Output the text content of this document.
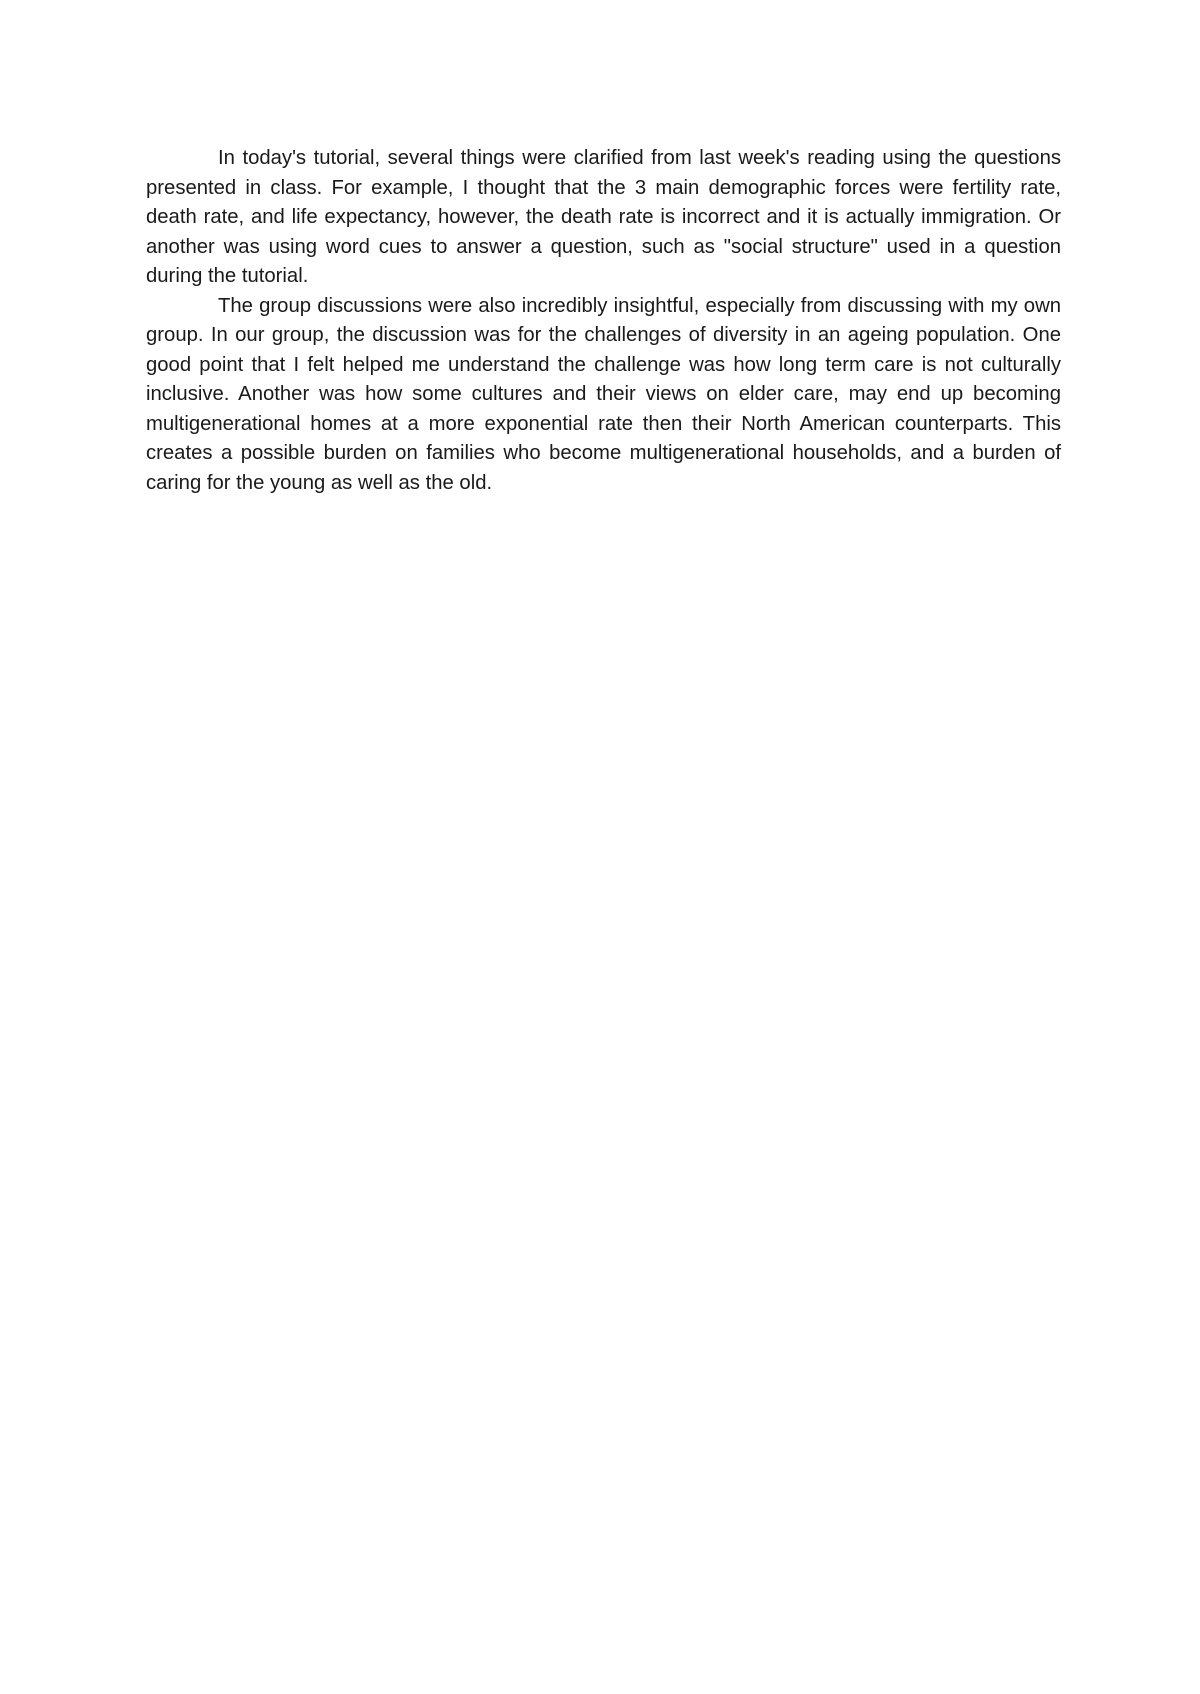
In today's tutorial, several things were clarified from last week's reading using the questions presented in class. For example, I thought that the 3 main demographic forces were fertility rate, death rate, and life expectancy, however, the death rate is incorrect and it is actually immigration. Or another was using word cues to answer a question, such as "social structure" used in a question during the tutorial.

The group discussions were also incredibly insightful, especially from discussing with my own group. In our group, the discussion was for the challenges of diversity in an ageing population. One good point that I felt helped me understand the challenge was how long term care is not culturally inclusive. Another was how some cultures and their views on elder care, may end up becoming multigenerational homes at a more exponential rate then their North American counterparts. This creates a possible burden on families who become multigenerational households, and a burden of caring for the young as well as the old.
